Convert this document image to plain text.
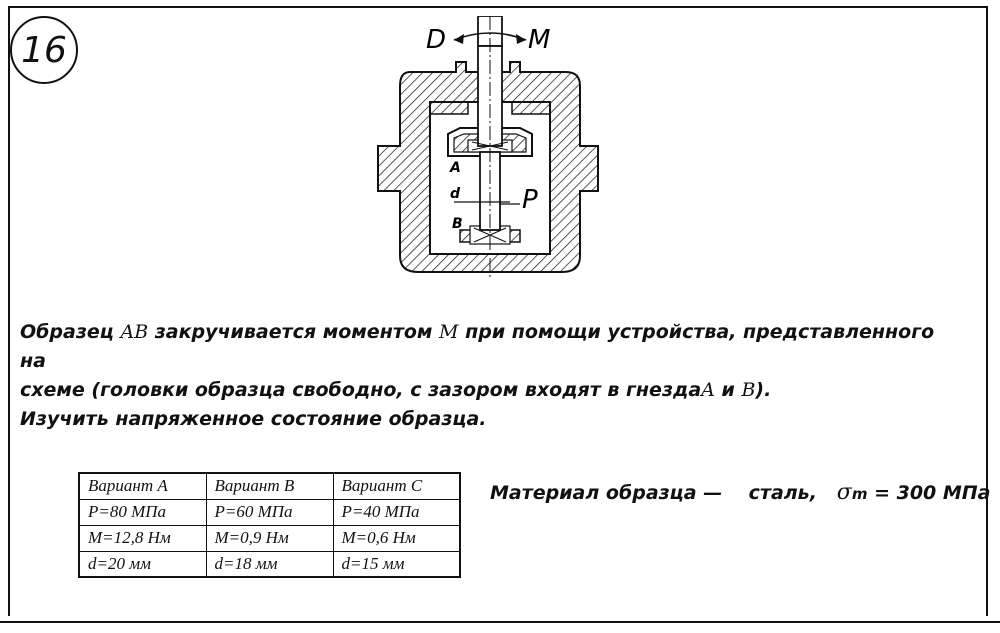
16	D	M
A
d
B
P

Образец AB закручивается моментом M при помощи устройства, представленного на

схеме (головки образца свободно, с зазором входят в гнездаA и B).

Изучить напряженное состояние образца.

Вариант A	Вариант B	Вариант C
P=80 МПа	P=60 МПа	P=40 МПа
M=12,8 Нм	M=0,9 Нм	M=0,6 Нм
d=20 мм	d=18 мм	d=15 мм
Материал образца — сталь, σm = 300 МПа
